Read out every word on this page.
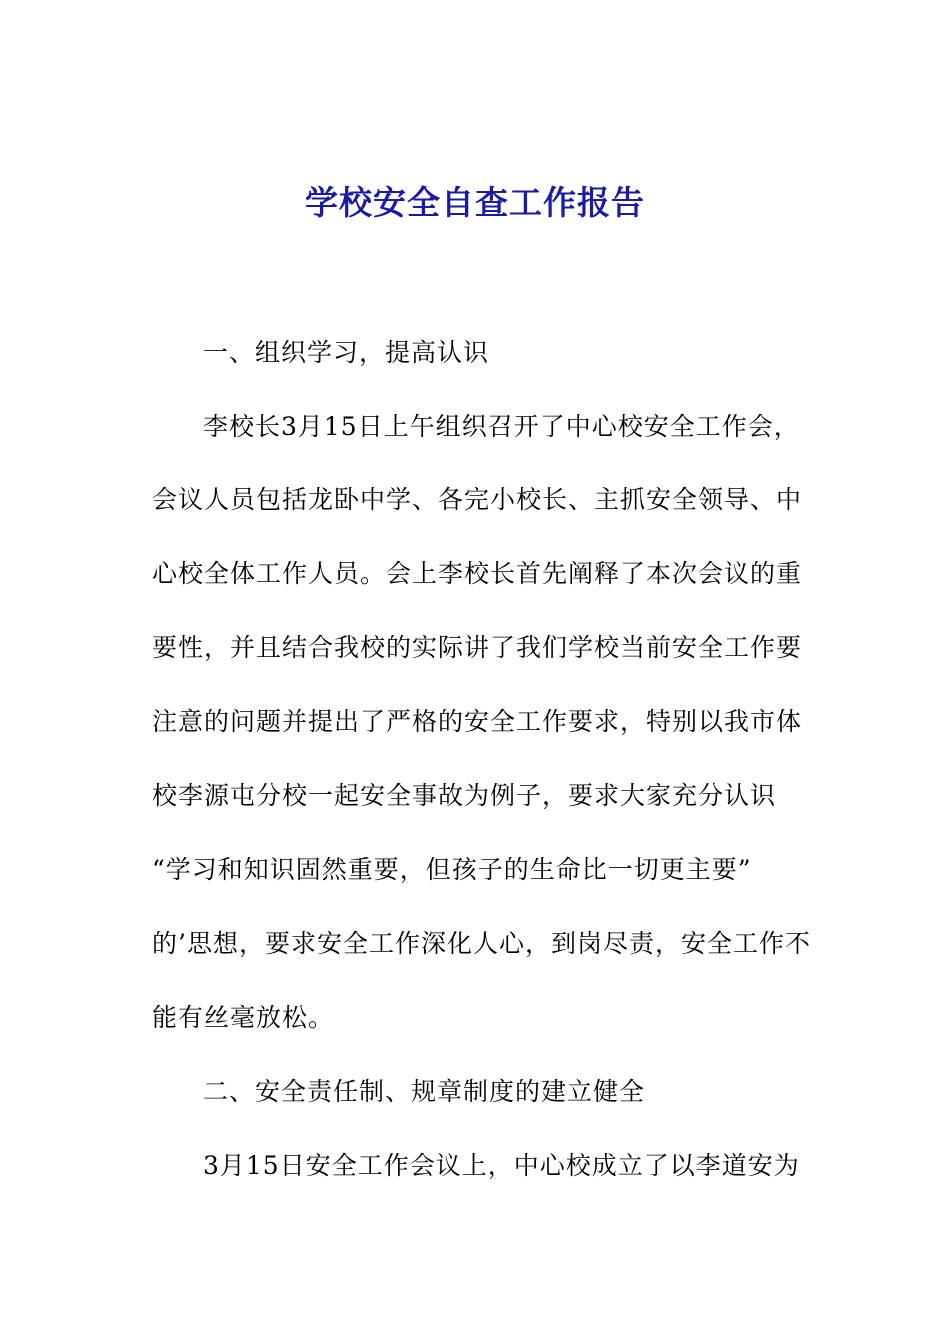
学校安全自查工作报告
一、组织学习，提高认识
李校长3月15日上午组织召开了中心校安全工作会，
会议人员包括龙卧中学、各完小校长、主抓安全领导、中
心校全体工作人员。会上李校长首先阐释了本次会议的重
要性，并且结合我校的实际讲了我们学校当前安全工作要
注意的问题并提出了严格的安全工作要求，特别以我市体
校李源屯分校一起安全事故为例子，要求大家充分认识
“学习和知识固然重要，但孩子的生命比一切更主要”
的’思想，要求安全工作深化人心，到岗尽责，安全工作不
能有丝毫放松。
二、安全责任制、规章制度的建立健全
3月15日安全工作会议上，中心校成立了以李道安为
